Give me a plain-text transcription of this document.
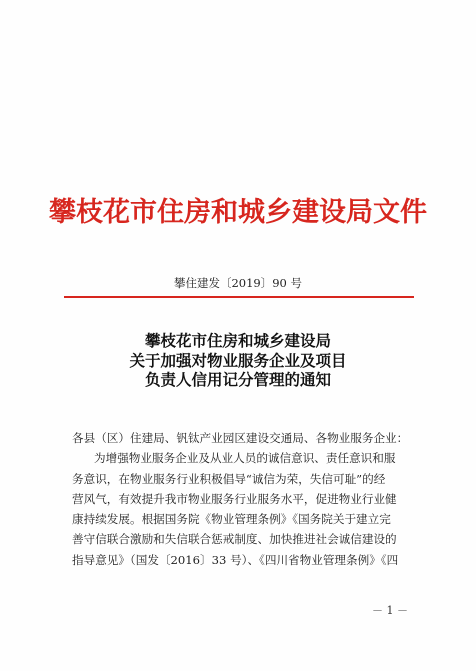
攀枝花市住房和城乡建设局文件
攀住建发〔2019〕90 号
攀枝花市住房和城乡建设局
关于加强对物业服务企业及项目
负责人信用记分管理的通知
各县（区）住建局、钒钛产业园区建设交通局、各物业服务企业：
为增强物业服务企业及从业人员的诚信意识、责任意识和服
务意识，在物业服务行业积极倡导“诚信为荣，失信可耻”的经
营风气，有效提升我市物业服务行业服务水平，促进物业行业健
康持续发展。根据国务院《物业管理条例》《国务院关于建立完
善守信联合激励和失信联合惩戒制度、加快推进社会诚信建设的
指导意见》（国发〔2016〕33 号）、《四川省物业管理条例》《四
－ 1 －
